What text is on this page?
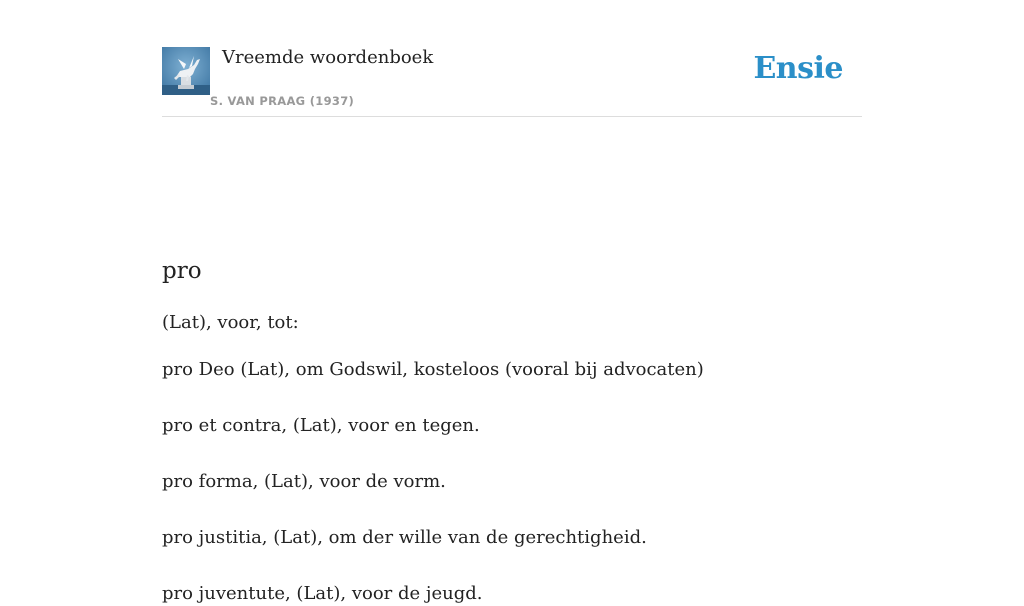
Vreemde woordenboek
S. VAN PRAAG (1937)
Ensie
pro
(Lat), voor, tot:
pro Deo (Lat), om Godswil, kosteloos (vooral bij advocaten)
pro et contra, (Lat), voor en tegen.
pro forma, (Lat), voor de vorm.
pro justitia, (Lat), om der wille van de gerechtigheid.
pro juventute, (Lat), voor de jeugd.
